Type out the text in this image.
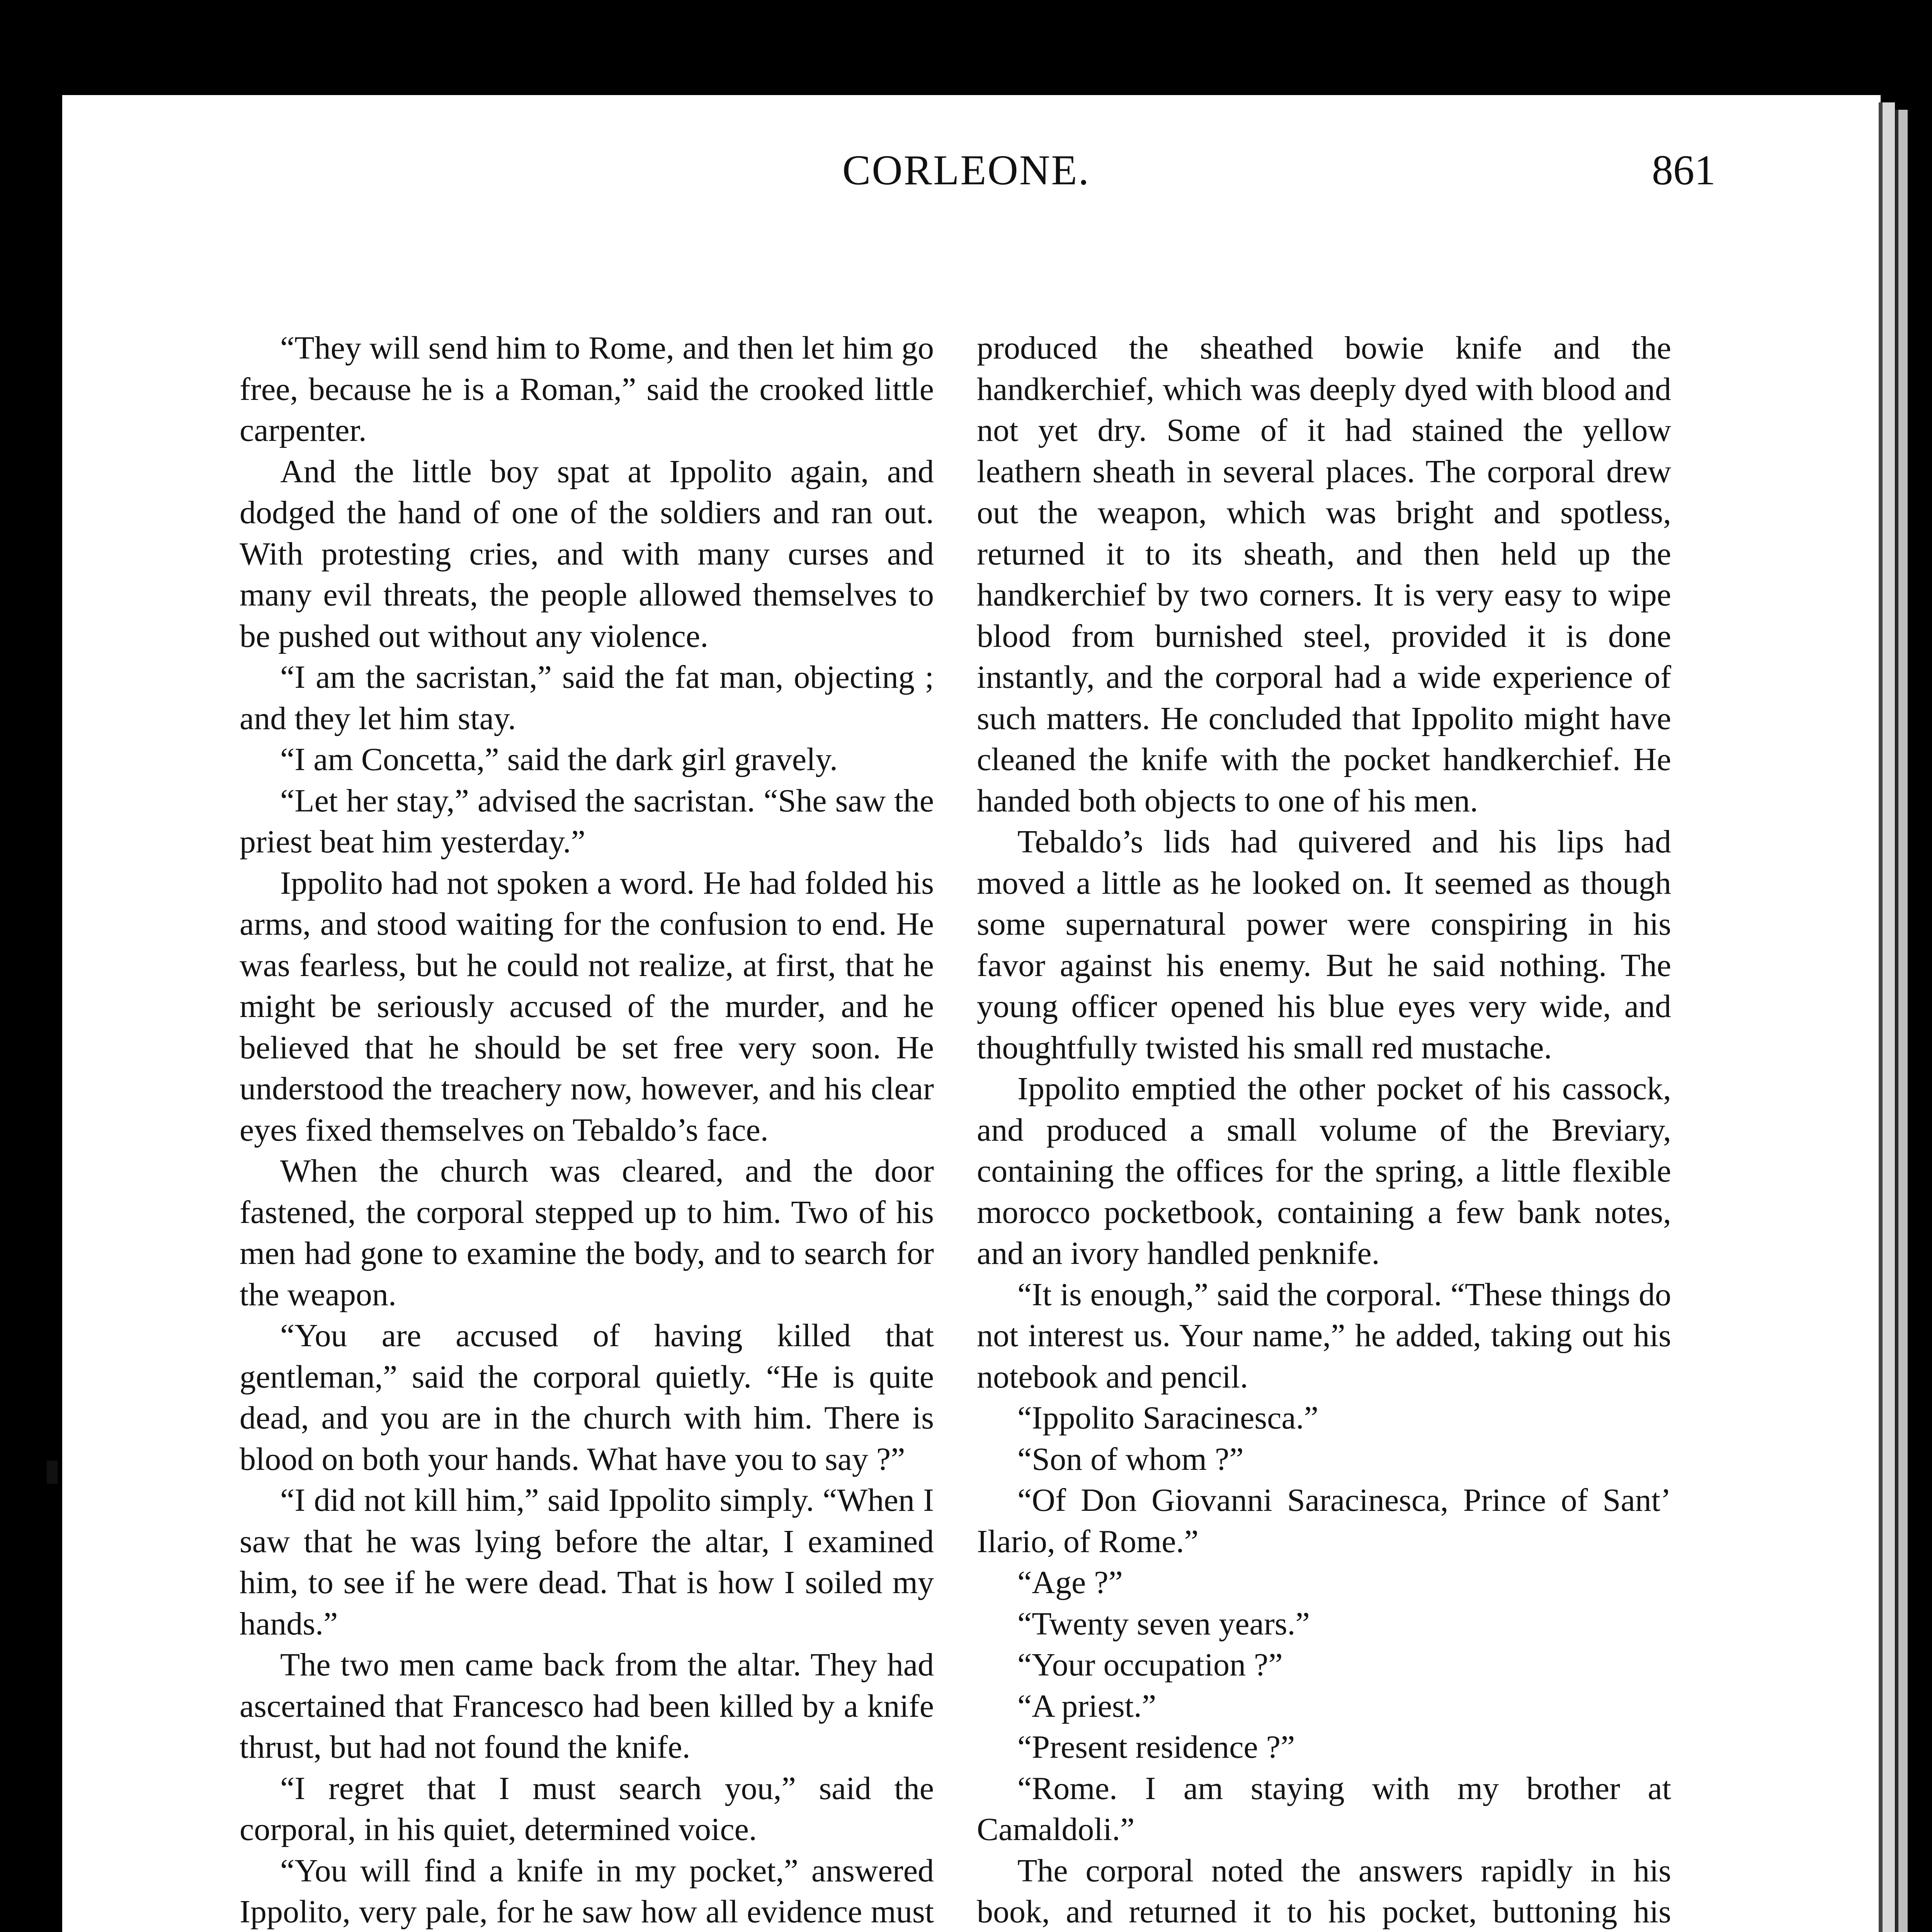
CORLEONE.	861

“They will send him to Rome, and then let him go free, because he is a Roman,” said the crooked little carpenter.

And the little boy spat at Ippolito again, and dodged the hand of one of the soldiers and ran out. With protesting cries, and with many curses and many evil threats, the people allowed themselves to be pushed out without any violence.

“I am the sacristan,” said the fat man, objecting ; and they let him stay.

“I am Concetta,” said the dark girl gravely.

“Let her stay,” advised the sacristan. “She saw the priest beat him yesterday.”

Ippolito had not spoken a word. He had folded his arms, and stood waiting for the confusion to end. He was fearless, but he could not realize, at first, that he might be seriously accused of the murder, and he believed that he should be set free very soon. He understood the treachery now, however, and his clear eyes fixed themselves on Tebaldo’s face.

When the church was cleared, and the door fastened, the corporal stepped up to him. Two of his men had gone to examine the body, and to search for the weapon.

“You are accused of having killed that gentleman,” said the corporal quietly. “He is quite dead, and you are in the church with him. There is blood on both your hands. What have you to say ?”

“I did not kill him,” said Ippolito simply. “When I saw that he was lying before the altar, I examined him, to see if he were dead. That is how I soiled my hands.”

The two men came back from the altar. They had ascertained that Francesco had been killed by a knife thrust, but had not found the knife.

“I regret that I must search you,” said the corporal, in his quiet, determined voice.

“You will find a knife in my pocket,” answered Ippolito, very pale, for he saw how all evidence must

produced the sheathed bowie knife and the handkerchief, which was deeply dyed with blood and not yet dry. Some of it had stained the yellow leathern sheath in several places. The corporal drew out the weapon, which was bright and spotless, returned it to its sheath, and then held up the handkerchief by two corners. It is very easy to wipe blood from burnished steel, provided it is done instantly, and the corporal had a wide experience of such matters. He concluded that Ippolito might have cleaned the knife with the pocket handkerchief. He handed both objects to one of his men.

Tebaldo’s lids had quivered and his lips had moved a little as he looked on. It seemed as though some supernatural power were conspiring in his favor against his enemy. But he said nothing. The young officer opened his blue eyes very wide, and thoughtfully twisted his small red mustache.

Ippolito emptied the other pocket of his cassock, and produced a small volume of the Breviary, containing the offices for the spring, a little flexible morocco pocketbook, containing a few bank notes, and an ivory handled penknife.

“It is enough,” said the corporal. “These things do not interest us. Your name,” he added, taking out his notebook and pencil.

“Ippolito Saracinesca.”

“Son of whom ?”

“Of Don Giovanni Saracinesca, Prince of Sant’ Ilario, of Rome.”

“Age ?”

“Twenty seven years.”

“Your occupation ?”

“A priest.”

“Present residence ?”

“Rome. I am staying with my brother at Camaldoli.”

The corporal noted the answers rapidly in his book, and returned it to his pocket, buttoning his
